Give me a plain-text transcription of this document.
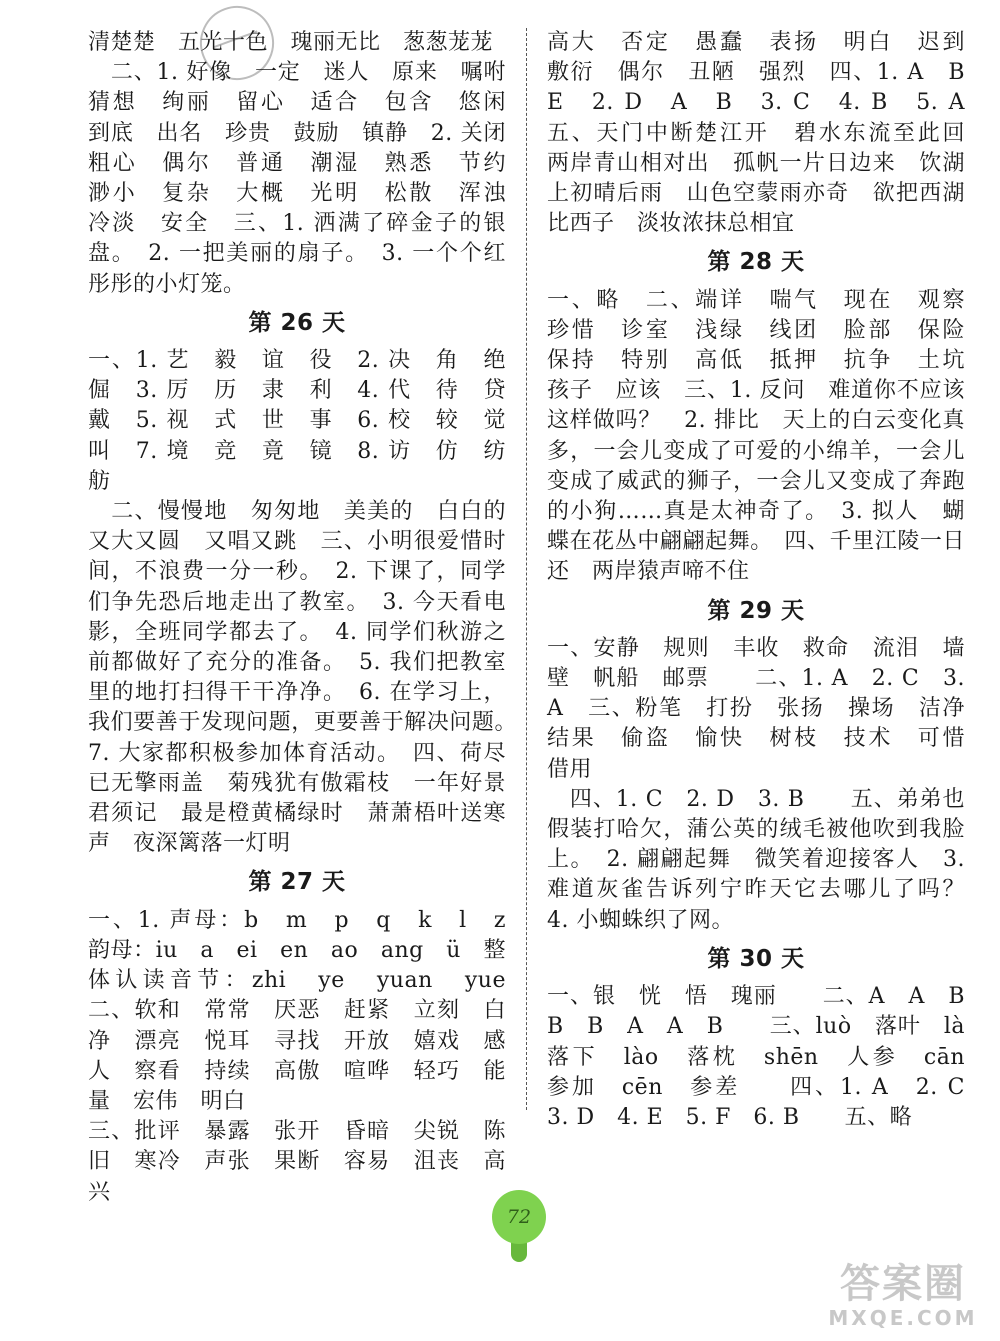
清楚楚　五光十色　瑰丽无比　葱葱茏茏

　二、1. 好像　一定　迷人　原来　嘱咐　猜想　绚丽　留心　适合　包含　悠闲　到底　出名　珍贵　鼓励　镇静　2. 关闭　粗心　偶尔　普通　潮湿　熟悉　节约　渺小　复杂　大概　光明　松散　浑浊　冷淡　安全　三、1. 洒满了碎金子的银盘。　2. 一把美丽的扇子。　3. 一个个红彤彤的小灯笼。

第 26 天

一、1. 艺　毅　谊　役　2. 决　角　绝　倔　3. 厉　历　隶　利　4. 代　待　贷　戴　5. 视　式　世　事　6. 校　较　觉　叫　7. 境　竞　竟　镜　8. 访　仿　纺　舫

　二、慢慢地　匆匆地　美美的　白白的　又大又圆　又唱又跳　三、小明很爱惜时间，不浪费一分一秒。　2. 下课了，同学们争先恐后地走出了教室。　3. 今天看电影，全班同学都去了。　4. 同学们秋游之前都做好了充分的准备。　5. 我们把教室里的地打扫得干干净净。　6. 在学习上，我们要善于发现问题，更要善于解决问题。　7. 大家都积极参加体育活动。　四、荷尽已无擎雨盖　菊残犹有傲霜枝　一年好景君须记　最是橙黄橘绿时　萧萧梧叶送寒声　夜深篱落一灯明

第 27 天

一、1. 声母：b　m　p　q　k　l　z　韵母：iu　a　ei　en　ao　ang　ü　整体认读音节：zhi　ye　yuan　yue　二、软和　常常　厌恶　赶紧　立刻　白净　漂亮　悦耳　寻找　开放　嬉戏　感人　察看　持续　高傲　喧哗　轻巧　能量　宏伟　明白

三、批评　暴露　张开　昏暗　尖锐　陈旧　寒冷　声张　果断　容易　沮丧　高兴

高大　否定　愚蠢　表扬　明白　迟到　敷衍　偶尔　丑陋　强烈　四、1. A　B　E　2. D　A　B　3. C　4. B　5. A　五、天门中断楚江开　碧水东流至此回　两岸青山相对出　孤帆一片日边来　饮湖上初晴后雨　山色空蒙雨亦奇　欲把西湖比西子　淡妆浓抹总相宜

第 28 天

一、略　二、端详　喘气　现在　观察　珍惜　诊室　浅绿　线团　脸部　保险　保持　特别　高低　抵押　抗争　土坑　孩子　应该　三、1. 反问　难道你不应该这样做吗？　2. 排比　天上的白云变化真多，一会儿变成了可爱的小绵羊，一会儿变成了威武的狮子，一会儿又变成了奔跑的小狗……真是太神奇了。　3. 拟人　蝴蝶在花丛中翩翩起舞。　四、千里江陵一日还　两岸猿声啼不住

第 29 天

一、安静　规则　丰收　救命　流泪　墙壁　帆船　邮票　　二、1. A　2. C　3. A　三、粉笔　打扮　张扬　操场　洁净　结果　偷盗　愉快　树枝　技术　可惜　借用

　四、1. C　2. D　3. B　　五、弟弟也假装打哈欠，蒲公英的绒毛被他吹到我脸上。　2. 翩翩起舞　微笑着迎接客人　3. 难道灰雀告诉列宁昨天它去哪儿了吗？　4. 小蜘蛛织了网。

第 30 天

一、银　恍　悟　瑰丽　　二、A　A　B　B　B　A　A　B　　三、luò　落叶　là　落下　lào　落枕　shēn　人参　cān　参加　cēn　参差　　四、1. A　2. C　3. D　4. E　5. F　6. B　　五、略

72
答案圈
MXQE.COM
